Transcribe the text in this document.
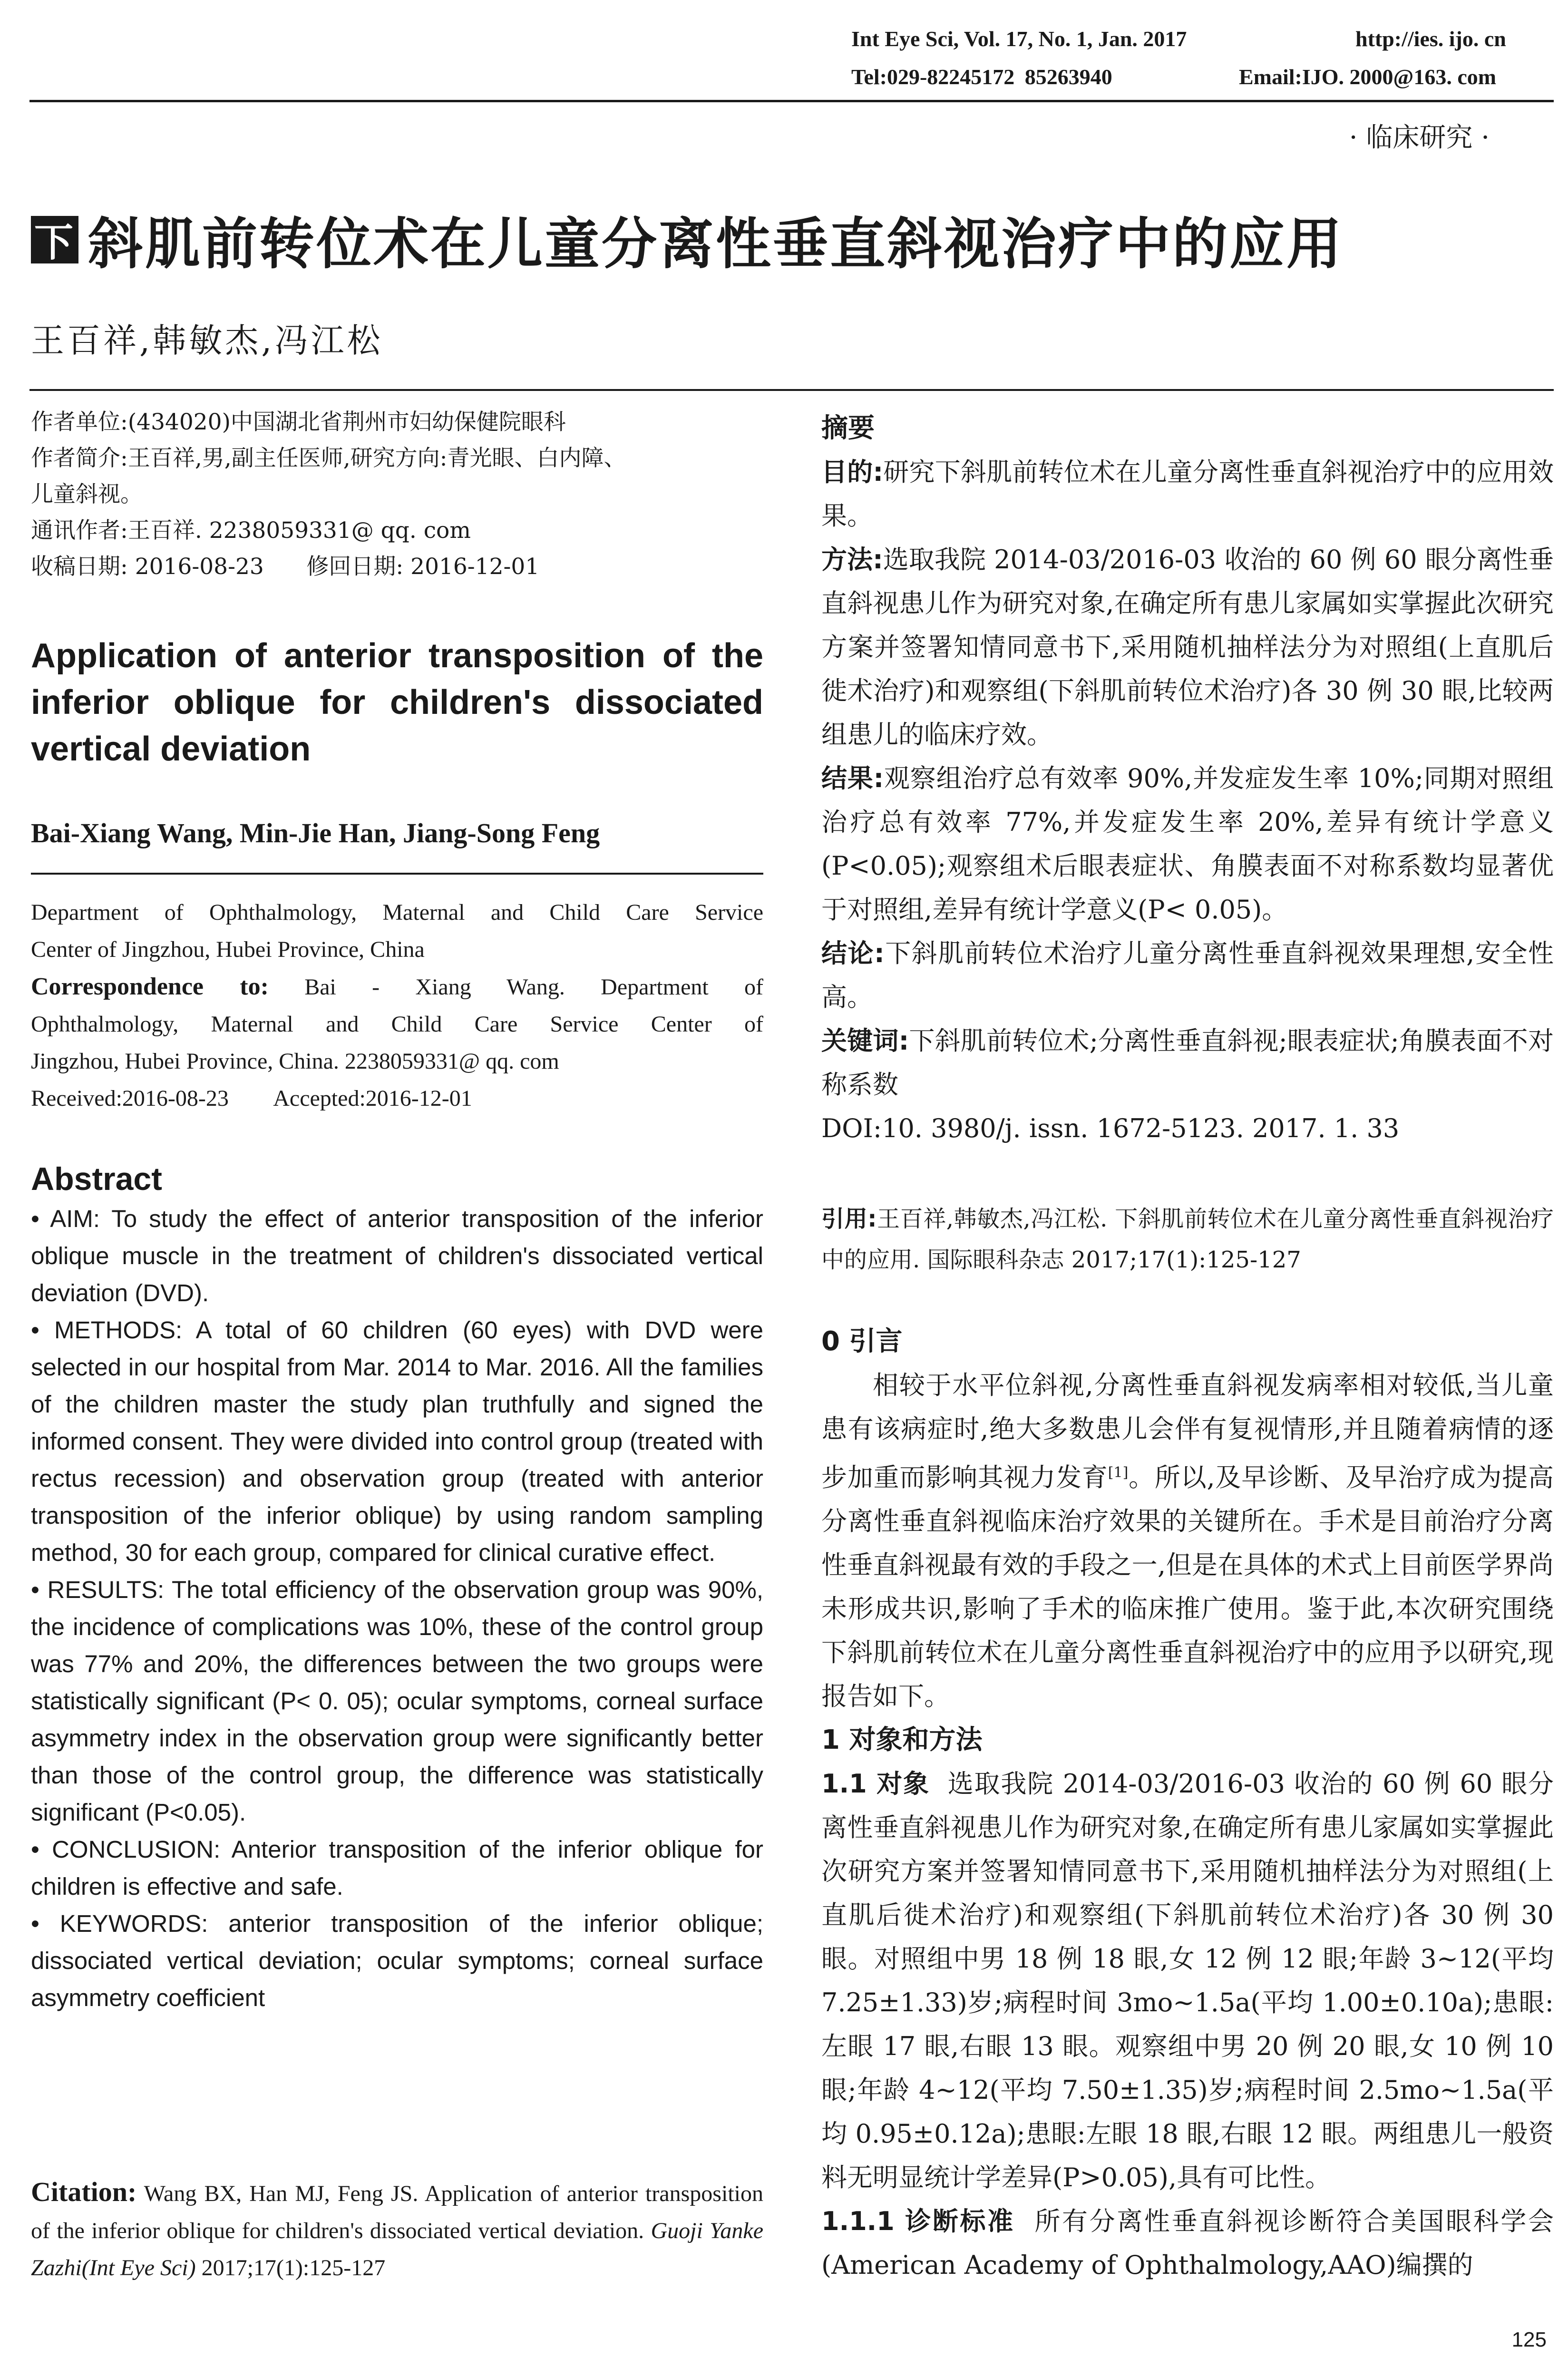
Int Eye Sci, Vol. 17, No. 1, Jan. 2017	http://ies. ijo. cn
Tel:029-82245172 85263940	Email:IJO. 2000@163. com
· 临床研究 ·
下 斜肌前转位术在儿童分离性垂直斜视治疗中的应用
王百祥,韩敏杰,冯江松
作者单位:(434020)中国湖北省荆州市妇幼保健院眼科
作者简介:王百祥,男,副主任医师,研究方向:青光眼、白内障、
儿童斜视。
通讯作者:王百祥. 2238059331@ qq. com
收稿日期: 2016-08-23      修回日期: 2016-12-01
Application of anterior transposition of the inferior oblique for children's dissociated vertical deviation
Bai-Xiang Wang, Min-Jie Han, Jiang-Song Feng
Department of Ophthalmology, Maternal and Child Care Service
Center of Jingzhou, Hubei Province, China
Correspondence to: Bai - Xiang Wang. Department of
Ophthalmology, Maternal and Child Care Service Center of
Jingzhou, Hubei Province, China. 2238059331@ qq. com
Received:2016-08-23        Accepted:2016-12-01
Abstract

• AIM: To study the effect of anterior transposition of the inferior oblique muscle in the treatment of children's dissociated vertical deviation (DVD).

• METHODS: A total of 60 children (60 eyes) with DVD were selected in our hospital from Mar. 2014 to Mar. 2016. All the families of the children master the study plan truthfully and signed the informed consent. They were divided into control group (treated with rectus recession) and observation group (treated with anterior transposition of the inferior oblique) by using random sampling method, 30 for each group, compared for clinical curative effect.

• RESULTS: The total efficiency of the observation group was 90%, the incidence of complications was 10%, these of the control group was 77% and 20%, the differences between the two groups were statistically significant (P< 0. 05); ocular symptoms, corneal surface asymmetry index in the observation group were significantly better than those of the control group, the difference was statistically significant (P<0.05).

• CONCLUSION: Anterior transposition of the inferior oblique for children is effective and safe.

• KEYWORDS: anterior transposition of the inferior oblique; dissociated vertical deviation; ocular symptoms; corneal surface asymmetry coefficient

Citation: Wang BX, Han MJ, Feng JS. Application of anterior transposition of the inferior oblique for children's dissociated vertical deviation. Guoji Yanke Zazhi(Int Eye Sci) 2017;17(1):125-127
摘要

目的:研究下斜肌前转位术在儿童分离性垂直斜视治疗中的应用效果。

方法:选取我院 2014-03/2016-03 收治的 60 例 60 眼分离性垂直斜视患儿作为研究对象,在确定所有患儿家属如实掌握此次研究方案并签署知情同意书下,采用随机抽样法分为对照组(上直肌后徙术治疗)和观察组(下斜肌前转位术治疗)各 30 例 30 眼,比较两组患儿的临床疗效。

结果:观察组治疗总有效率 90%,并发症发生率 10%;同期对照组治疗总有效率 77%,并发症发生率 20%,差异有统计学意义(P<0.05);观察组术后眼表症状、角膜表面不对称系数均显著优于对照组,差异有统计学意义(P< 0.05)。

结论:下斜肌前转位术治疗儿童分离性垂直斜视效果理想,安全性高。

关键词:下斜肌前转位术;分离性垂直斜视;眼表症状;角膜表面不对称系数

DOI:10. 3980/j. issn. 1672-5123. 2017. 1. 33

引用:王百祥,韩敏杰,冯江松. 下斜肌前转位术在儿童分离性垂直斜视治疗中的应用. 国际眼科杂志 2017;17(1):125-127

0 引言

相较于水平位斜视,分离性垂直斜视发病率相对较低,当儿童患有该病症时,绝大多数患儿会伴有复视情形,并且随着病情的逐步加重而影响其视力发育[1]。所以,及早诊断、及早治疗成为提高分离性垂直斜视临床治疗效果的关键所在。手术是目前治疗分离性垂直斜视最有效的手段之一,但是在具体的术式上目前医学界尚未形成共识,影响了手术的临床推广使用。鉴于此,本次研究围绕下斜肌前转位术在儿童分离性垂直斜视治疗中的应用予以研究,现报告如下。

1 对象和方法

1.1 对象  选取我院 2014-03/2016-03 收治的 60 例 60 眼分离性垂直斜视患儿作为研究对象,在确定所有患儿家属如实掌握此次研究方案并签署知情同意书下,采用随机抽样法分为对照组(上直肌后徙术治疗)和观察组(下斜肌前转位术治疗)各 30 例 30 眼。对照组中男 18 例 18 眼,女 12 例 12 眼;年龄 3~12(平均 7.25±1.33)岁;病程时间 3mo~1.5a(平均 1.00±0.10a);患眼:左眼 17 眼,右眼 13 眼。观察组中男 20 例 20 眼,女 10 例 10 眼;年龄 4~12(平均 7.50±1.35)岁;病程时间 2.5mo~1.5a(平均 0.95±0.12a);患眼:左眼 18 眼,右眼 12 眼。两组患儿一般资料无明显统计学差异(P>0.05),具有可比性。

1.1.1 诊断标准  所有分离性垂直斜视诊断符合美国眼科学会(American Academy of Ophthalmology,AAO)编撰的

125
